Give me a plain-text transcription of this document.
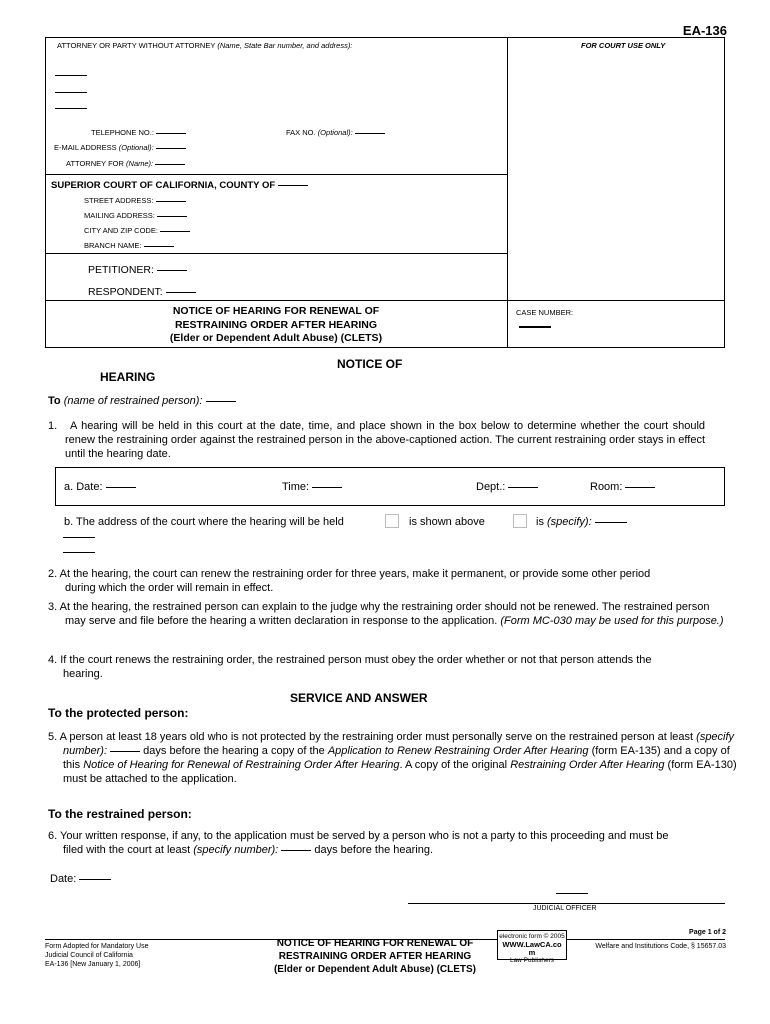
EA-136
ATTORNEY OR PARTY WITHOUT ATTORNEY (Name, State Bar number, and address):	FOR COURT USE ONLY
TELEPHONE NO.:	FAX NO. (Optional):
E-MAIL ADDRESS (Optional):
ATTORNEY FOR (Name):
SUPERIOR COURT OF CALIFORNIA, COUNTY OF
STREET ADDRESS:
MAILING ADDRESS:
CITY AND ZIP CODE:
BRANCH NAME:
PETITIONER:
RESPONDENT:
NOTICE OF HEARING FOR RENEWAL OF
RESTRAINING ORDER AFTER HEARING
(Elder or Dependent Adult Abuse) (CLETS)
CASE NUMBER:
NOTICE OF
HEARING
To (name of restrained person):
1.	A hearing will be held in this court at the date, time, and place shown in the box below to determine whether the court should renew the restraining order against the restrained person in the above-captioned action. The current restraining order stays in effect until the hearing date.
a. Date:	Time:	Dept.:	Room:
b. The address of the court where the hearing will be held	is shown above	is (specify):
2. At the hearing, the court can renew the restraining order for three years, make it permanent, or provide some other period during which the order will remain in effect.
3. At the hearing, the restrained person can explain to the judge why the restraining order should not be renewed. The restrained person may serve and file before the hearing a written declaration in response to the application. (Form MC-030 may be used for this purpose.)
4. If the court renews the restraining order, the restrained person must obey the order whether or not that person attends the hearing.
SERVICE AND ANSWER
To the protected person:
5. A person at least 18 years old who is not protected by the restraining order must personally serve on the restrained person at least (specify number):	days before the hearing a copy of the Application to Renew Restraining Order After Hearing (form EA-135) and a copy of this Notice of Hearing for Renewal of Restraining Order After Hearing. A copy of the original Restraining Order After Hearing (form EA-130) must be attached to the application.
To the restrained person:
6. Your written response, if any, to the application must be served by a person who is not a party to this proceeding and must be filed with the court at least (specify number):	days before the hearing.
Date:
JUDICIAL OFFICER
Form Adopted for Mandatory Use
Judicial Council of California
EA-136 [New January 1, 2006]
NOTICE OF HEARING FOR RENEWAL OF
RESTRAINING ORDER AFTER HEARING
(Elder or Dependent Adult Abuse) (CLETS)
electronic form © 2005
WWW.LawCA.co
m
Law Publishers
Page 1 of 2
Welfare and Institutions Code, § 15657.03
